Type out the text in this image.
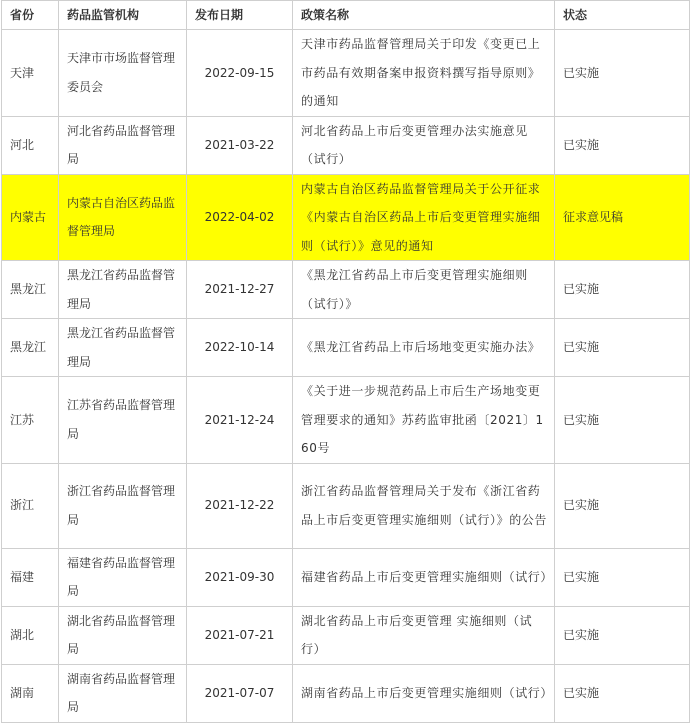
省份	药品监管机构	发布日期	政策名称	状态
天津	天津市市场监督管理委员会	2022-09-15	天津市药品监督管理局关于印发《变更已上市药品有效期备案申报资料撰写指导原则》的通知	已实施
河北	河北省药品监督管理局	2021-03-22	河北省药品上市后变更管理办法实施意见（试行）	已实施
内蒙古	内蒙古自治区药品监督管理局	2022-04-02	内蒙古自治区药品监督管理局关于公开征求《内蒙古自治区药品上市后变更管理实施细则（试行）》意见的通知	征求意见稿
黑龙江	黑龙江省药品监督管理局	2021-12-27	《黑龙江省药品上市后变更管理实施细则（试行）》	已实施
黑龙江	黑龙江省药品监督管理局	2022-10-14	《黑龙江省药品上市后场地变更实施办法》	已实施
江苏	江苏省药品监督管理局	2021-12-24	《关于进一步规范药品上市后生产场地变更管理要求的通知》苏药监审批函〔2021〕160号	已实施
浙江	浙江省药品监督管理局	2021-12-22	浙江省药品监督管理局关于发布《浙江省药品上市后变更管理实施细则（试行）》的公告	已实施
福建	福建省药品监督管理局	2021-09-30	福建省药品上市后变更管理实施细则（试行）	已实施
湖北	湖北省药品监督管理局	2021-07-21	湖北省药品上市后变更管理 实施细则（试行）	已实施
湖南	湖南省药品监督管理局	2021-07-07	湖南省药品上市后变更管理实施细则（试行）	已实施
